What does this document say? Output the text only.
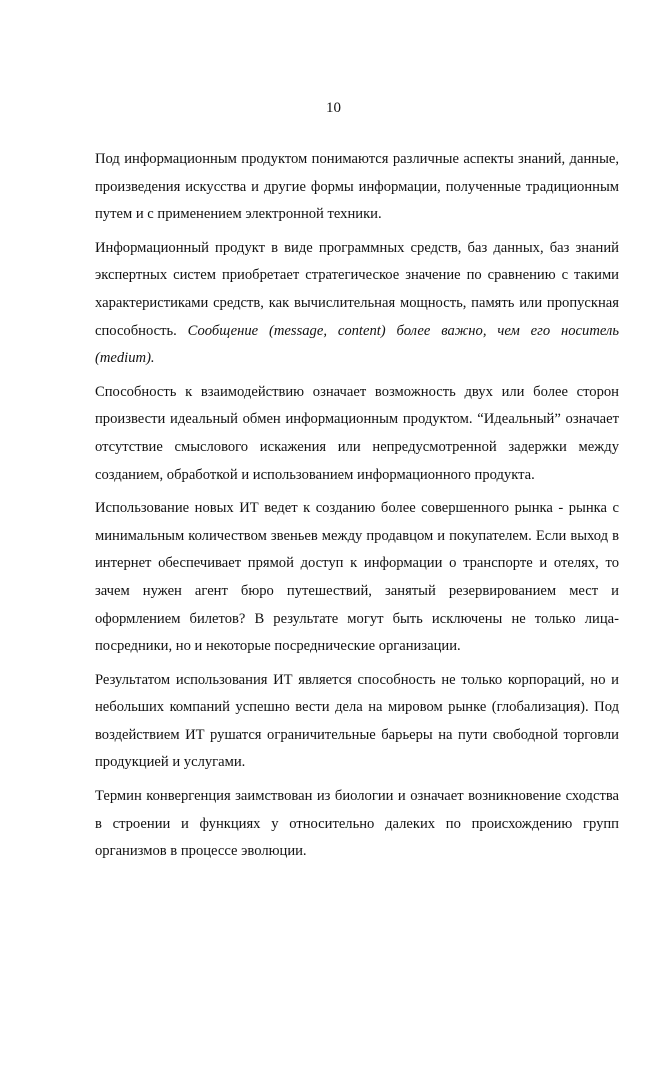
10

Под информационным продуктом понимаются различные аспекты знаний, данные, произведения искусства и другие формы информации, полученные традиционным путем и с применением электронной техники.

Информационный продукт в виде программных средств, баз данных, баз знаний экспертных систем приобретает стратегическое значение по сравнению с такими характеристиками средств, как вычислительная мощность, память или пропускная способность. Сообщение (message, content) более важно, чем его носитель (medium).

Способность к взаимодействию означает возможность двух или более сторон произвести идеальный обмен информационным продуктом. “Идеальный” означает отсутствие смыслового искажения или непредусмотренной задержки между созданием, обработкой и использованием информационного продукта.

Использование новых ИТ ведет к созданию более совершенного рынка - рынка с минимальным количеством звеньев между продавцом и покупателем. Если выход в интернет обеспечивает прямой доступ к информации о транспорте и отелях, то зачем нужен агент бюро путешествий, занятый резервированием мест и оформлением билетов? В результате могут быть исключены не только лица-посредники, но и некоторые посреднические организации.

Результатом использования ИТ является способность не только корпораций, но и небольших компаний успешно вести дела на мировом рынке (глобализация). Под воздействием ИТ рушатся ограничительные барьеры на пути свободной торговли продукцией и услугами.

Термин конвергенция заимствован из биологии и означает возникновение сходства в строении и функциях у относительно далеких по происхождению групп организмов в процессе эволюции.
